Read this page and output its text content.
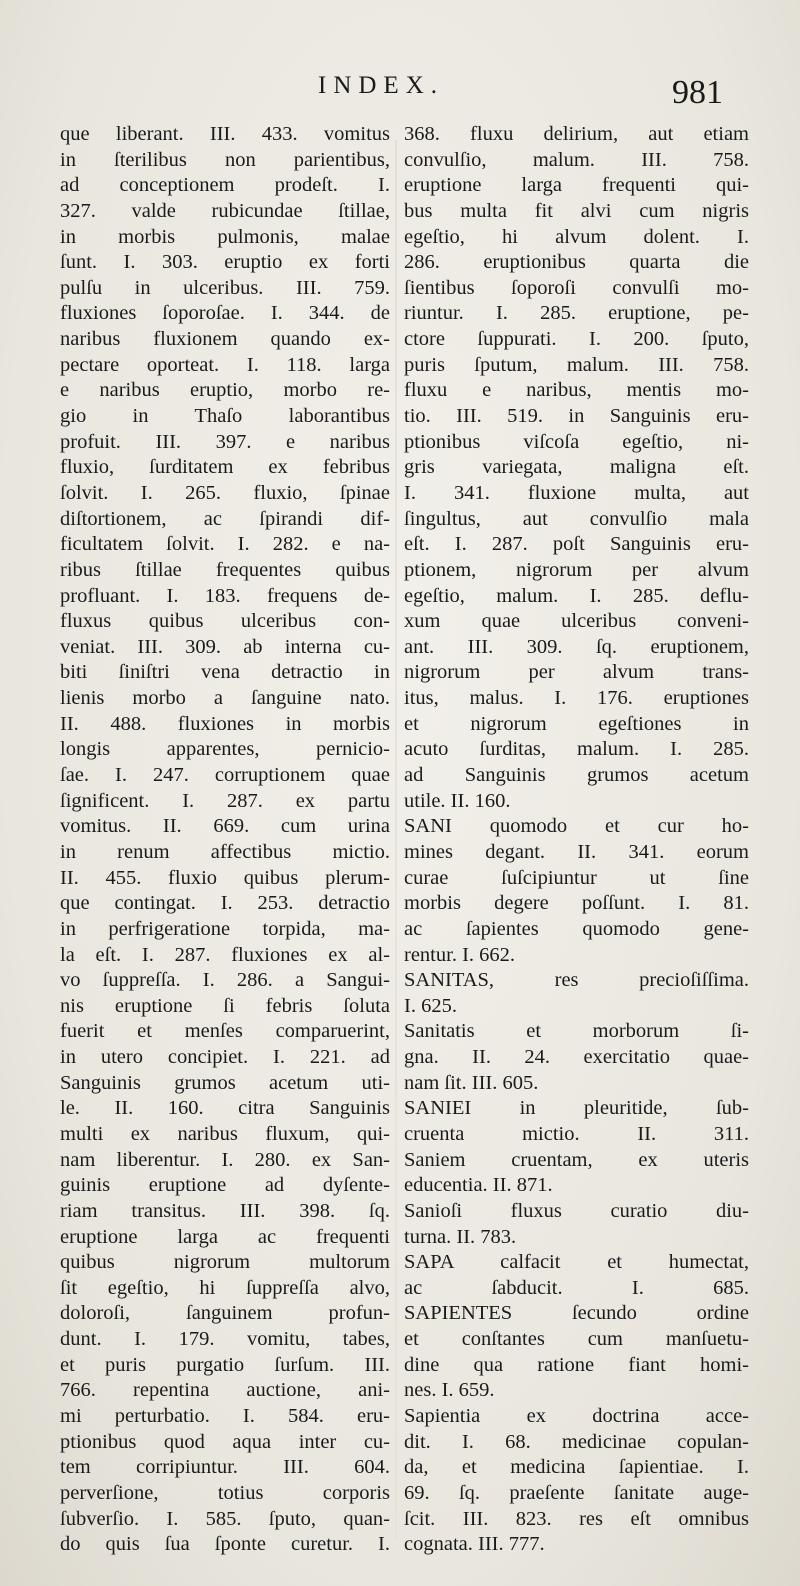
INDEX.	981
que liberant. III. 433. vomitus
in ſterilibus non parientibus,
ad conceptionem prodeſt. I.
327. valde rubicundae ſtillae,
in morbis pulmonis, malae
ſunt. I. 303. eruptio ex forti
pulſu in ulceribus. III. 759.
fluxiones ſoporoſae. I. 344. de
naribus fluxionem quando ex-
pectare oporteat. I. 118. larga
e naribus eruptio, morbo re-
gio in Thaſo laborantibus
profuit. III. 397. e naribus
fluxio, ſurditatem ex febribus
ſolvit. I. 265. fluxio, ſpinae
diſtortionem, ac ſpirandi dif-
ficultatem ſolvit. I. 282. e na-
ribus ſtillae frequentes quibus
profluant. I. 183. frequens de-
fluxus quibus ulceribus con-
veniat. III. 309. ab interna cu-
biti ſiniſtri vena detractio in
lienis morbo a ſanguine nato.
II. 488. fluxiones in morbis
longis apparentes, pernicio-
ſae. I. 247. corruptionem quae
ſignificent. I. 287. ex partu
vomitus. II. 669. cum urina
in renum affectibus mictio.
II. 455. fluxio quibus plerum-
que contingat. I. 253. detractio
in perfrigeratione torpida, ma-
la eſt. I. 287. fluxiones ex al-
vo ſuppreſſa. I. 286. a Sangui-
nis eruptione ſi febris ſoluta
fuerit et menſes comparuerint,
in utero concipiet. I. 221. ad
Sanguinis grumos acetum uti-
le. II. 160. citra Sanguinis
multi ex naribus fluxum, qui-
nam liberentur. I. 280. ex San-
guinis eruptione ad dyſente-
riam transitus. III. 398. ſq.
eruptione larga ac frequenti
quibus nigrorum multorum
ſit egeſtio, hi ſuppreſſa alvo,
doloroſi, ſanguinem profun-
dunt. I. 179. vomitu, tabes,
et puris purgatio ſurſum. III.
766. repentina auctione, ani-
mi perturbatio. I. 584. eru-
ptionibus quod aqua inter cu-
tem corripiuntur. III. 604.
perverſione, totius corporis
ſubverſio. I. 585. ſputo, quan-
do quis ſua ſponte curetur. I.
368. fluxu delirium, aut etiam
convulſio, malum. III. 758.
eruptione larga frequenti qui-
bus multa fit alvi cum nigris
egeſtio, hi alvum dolent. I.
286. eruptionibus quarta die
ſientibus ſoporoſi convulſi mo-
riuntur. I. 285. eruptione, pe-
ctore ſuppurati. I. 200. ſputo,
puris ſputum, malum. III. 758.
fluxu e naribus, mentis mo-
tio. III. 519. in Sanguinis eru-
ptionibus viſcoſa egeſtio, ni-
gris variegata, maligna eſt.
I. 341. fluxione multa, aut
ſingultus, aut convulſio mala
eſt. I. 287. poſt Sanguinis eru-
ptionem, nigrorum per alvum
egeſtio, malum. I. 285. deflu-
xum quae ulceribus conveni-
ant. III. 309. ſq. eruptionem,
nigrorum per alvum trans-
itus, malus. I. 176. eruptiones
et nigrorum egeſtiones in
acuto ſurditas, malum. I. 285.
ad Sanguinis grumos acetum
utile. II. 160.
SANI quomodo et cur ho-
mines degant. II. 341. eorum
curae ſuſcipiuntur ut ſine
morbis degere poſſunt. I. 81.
ac ſapientes quomodo gene-
rentur. I. 662.
SANITAS, res precioſiſſima.
I. 625.
Sanitatis et morborum ſi-
gna. II. 24. exercitatio quae-
nam ſit. III. 605.
SANIEI in pleuritide, ſub-
cruenta mictio. II. 311.
Saniem cruentam, ex uteris
educentia. II. 871.
Sanioſi fluxus curatio diu-
turna. II. 783.
SAPA calfacit et humectat,
ac ſabducit. I. 685.
SAPIENTES ſecundo ordine
et conſtantes cum manſuetu-
dine qua ratione fiant homi-
nes. I. 659.
Sapientia ex doctrina acce-
dit. I. 68. medicinae copulan-
da, et medicina ſapientiae. I.
69. ſq. praeſente ſanitate auge-
ſcit. III. 823. res eſt omnibus
cognata. III. 777.
